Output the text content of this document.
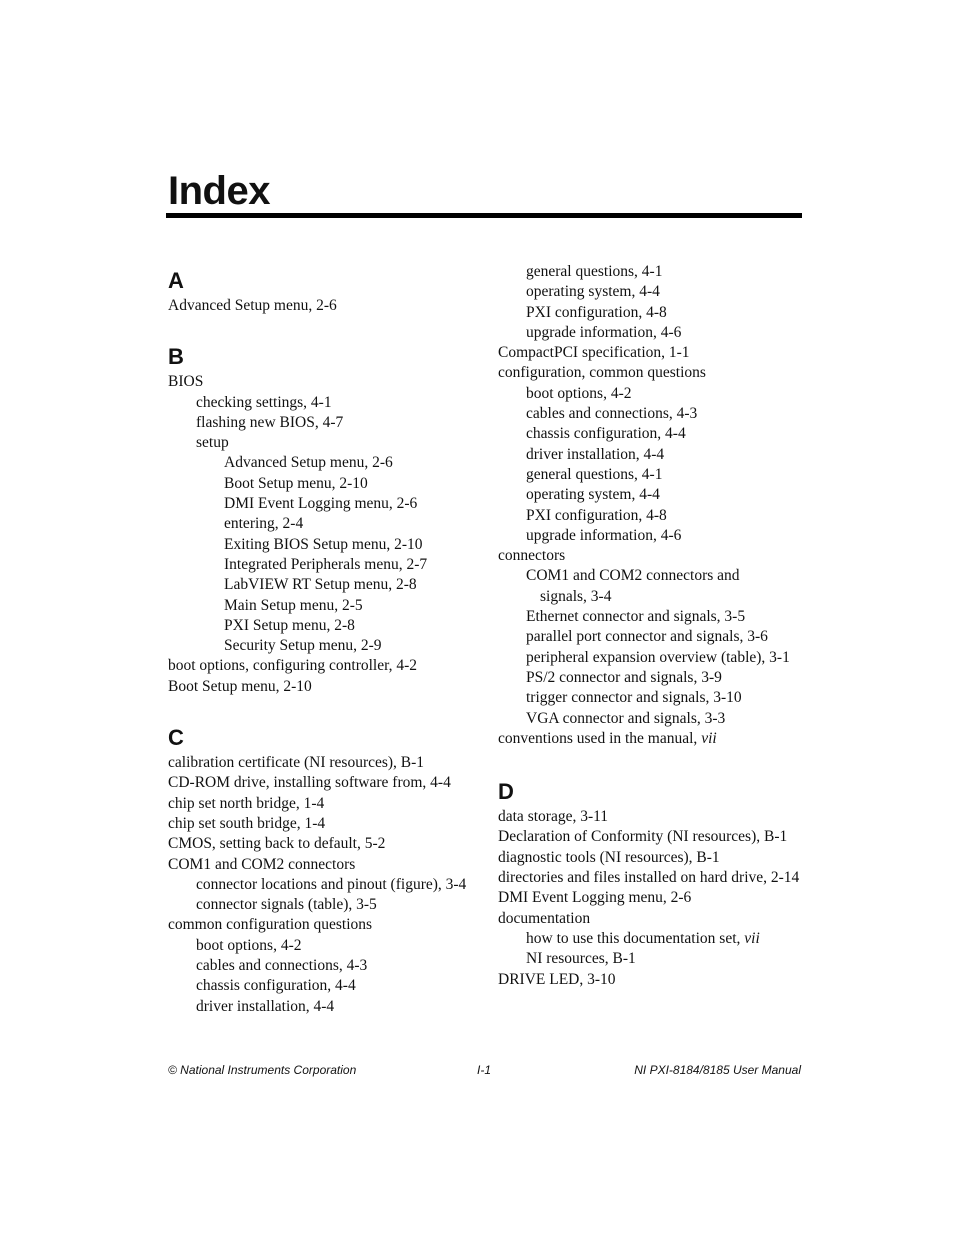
Index
A
Advanced Setup menu, 2-6
B
BIOS
checking settings, 4-1
flashing new BIOS, 4-7
setup
Advanced Setup menu, 2-6
Boot Setup menu, 2-10
DMI Event Logging menu, 2-6
entering, 2-4
Exiting BIOS Setup menu, 2-10
Integrated Peripherals menu, 2-7
LabVIEW RT Setup menu, 2-8
Main Setup menu, 2-5
PXI Setup menu, 2-8
Security Setup menu, 2-9
boot options, configuring controller, 4-2
Boot Setup menu, 2-10
C
calibration certificate (NI resources), B-1
CD-ROM drive, installing software from, 4-4
chip set north bridge, 1-4
chip set south bridge, 1-4
CMOS, setting back to default, 5-2
COM1 and COM2 connectors
connector locations and pinout (figure), 3-4
connector signals (table), 3-5
common configuration questions
boot options, 4-2
cables and connections, 4-3
chassis configuration, 4-4
driver installation, 4-4
general questions, 4-1
operating system, 4-4
PXI configuration, 4-8
upgrade information, 4-6
CompactPCI specification, 1-1
configuration, common questions
boot options, 4-2
cables and connections, 4-3
chassis configuration, 4-4
driver installation, 4-4
general questions, 4-1
operating system, 4-4
PXI configuration, 4-8
upgrade information, 4-6
connectors
COM1 and COM2 connectors and
signals, 3-4
Ethernet connector and signals, 3-5
parallel port connector and signals, 3-6
peripheral expansion overview (table), 3-1
PS/2 connector and signals, 3-9
trigger connector and signals, 3-10
VGA connector and signals, 3-3
conventions used in the manual, vii
D
data storage, 3-11
Declaration of Conformity (NI resources), B-1
diagnostic tools (NI resources), B-1
directories and files installed on hard drive, 2-14
DMI Event Logging menu, 2-6
documentation
how to use this documentation set, vii
NI resources, B-1
DRIVE LED, 3-10
© National Instruments Corporation	I-1	NI PXI-8184/8185 User Manual
